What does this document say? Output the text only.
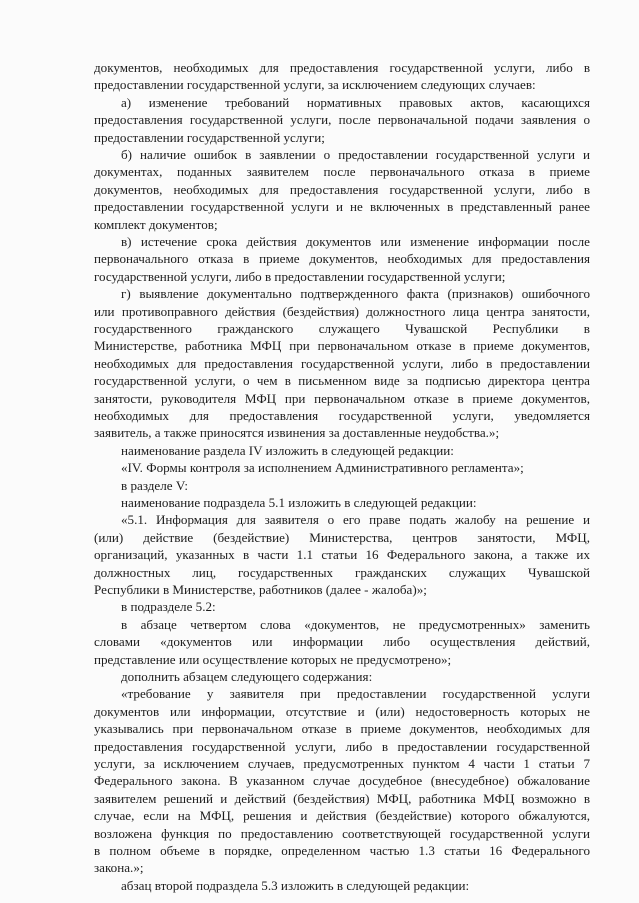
документов, необходимых для предоставления государственной услуги, либо в
предоставлении государственной услуги, за исключением следующих случаев:
а) изменение требований нормативных правовых актов, касающихся
предоставления государственной услуги, после первоначальной подачи заявления о
предоставлении государственной услуги;
б) наличие ошибок в заявлении о предоставлении государственной услуги и
документах, поданных заявителем после первоначального отказа в приеме
документов, необходимых для предоставления государственной услуги, либо в
предоставлении государственной услуги и не включенных в представленный ранее
комплект документов;
в) истечение срока действия документов или изменение информации после
первоначального отказа в приеме документов, необходимых для предоставления
государственной услуги, либо в предоставлении государственной услуги;
г) выявление документально подтвержденного факта (признаков) ошибочного
или противоправного действия (бездействия) должностного лица центра занятости,
государственного гражданского служащего Чувашской Республики в
Министерстве, работника МФЦ при первоначальном отказе в приеме документов,
необходимых для предоставления государственной услуги, либо в предоставлении
государственной услуги, о чем в письменном виде за подписью директора центра
занятости, руководителя МФЦ при первоначальном отказе в приеме документов,
необходимых для предоставления государственной услуги, уведомляется
заявитель, а также приносятся извинения за доставленные неудобства.»;
наименование раздела IV изложить в следующей редакции:
«IV. Формы контроля за исполнением Административного регламента»;
в разделе V:
наименование подраздела 5.1 изложить в следующей редакции:
«5.1. Информация для заявителя о его праве подать жалобу на решение и
(или) действие (бездействие) Министерства, центров занятости, МФЦ,
организаций, указанных в части 1.1 статьи 16 Федерального закона, а также их
должностных лиц, государственных гражданских служащих Чувашской
Республики в Министерстве, работников (далее - жалоба)»;
в подразделе 5.2:
в абзаце четвертом слова «документов, не предусмотренных» заменить
словами «документов или информации либо осуществления действий,
представление или осуществление которых не предусмотрено»;
дополнить абзацем следующего содержания:
«требование у заявителя при предоставлении государственной услуги
документов или информации, отсутствие и (или) недостоверность которых не
указывались при первоначальном отказе в приеме документов, необходимых для
предоставления государственной услуги, либо в предоставлении государственной
услуги, за исключением случаев, предусмотренных пунктом 4 части 1 статьи 7
Федерального закона. В указанном случае досудебное (внесудебное) обжалование
заявителем решений и действий (бездействия) МФЦ, работника МФЦ возможно в
случае, если на МФЦ, решения и действия (бездействие) которого обжалуются,
возложена функция по предоставлению соответствующей государственной услуги
в полном объеме в порядке, определенном частью 1.3 статьи 16 Федерального
закона.»;
абзац второй подраздела 5.3 изложить в следующей редакции:
